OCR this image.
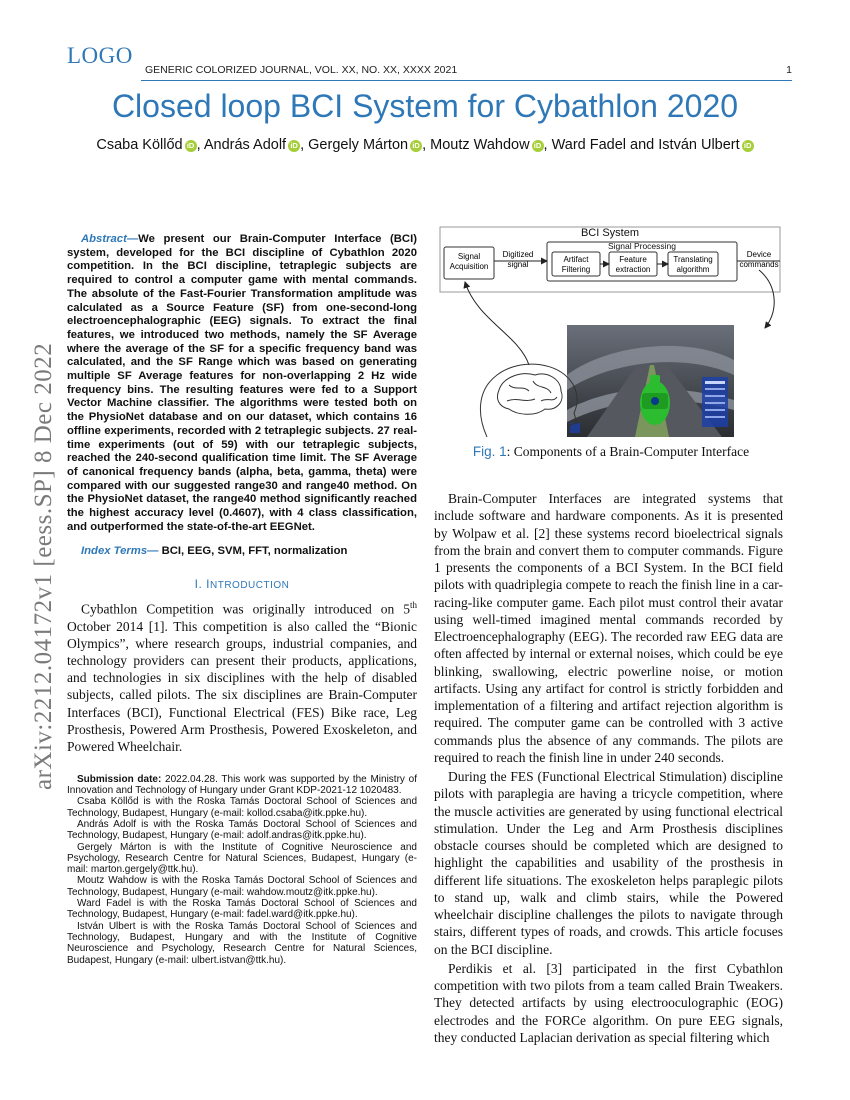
LOGO
GENERIC COLORIZED JOURNAL, VOL. XX, NO. XX, XXXX 2021	1
Closed loop BCI System for Cybathlon 2020
Csaba Köllőd iD , András Adolf iD , Gergely Márton iD , Moutz Wahdow iD , Ward Fadel and István Ulbert iD
arXiv:2212.04172v1 [eess.SP] 8 Dec 2022

Abstract—We present our Brain-Computer Interface (BCI) system, developed for the BCI discipline of Cybathlon 2020 competition. In the BCI discipline, tetraplegic subjects are required to control a computer game with mental commands. The absolute of the Fast-Fourier Transformation amplitude was calculated as a Source Feature (SF) from one-second-long electroencephalographic (EEG) signals. To extract the final features, we introduced two methods, namely the SF Average where the average of the SF for a specific frequency band was calculated, and the SF Range which was based on generating multiple SF Average features for non-overlapping 2 Hz wide frequency bins. The resulting features were fed to a Support Vector Machine classifier. The algorithms were tested both on the PhysioNet database and on our dataset, which contains 16 offline experiments, recorded with 2 tetraplegic subjects. 27 real-time experiments (out of 59) with our tetraplegic subjects, reached the 240-second qualification time limit. The SF Average of canonical frequency bands (alpha, beta, gamma, theta) were compared with our suggested range30 and range40 method. On the PhysioNet dataset, the range40 method significantly reached the highest accuracy level (0.4607), with 4 class classification, and outperformed the state-of-the-art EEGNet.

Index Terms— BCI, EEG, SVM, FFT, normalization

I. INTRODUCTION

Cybathlon Competition was originally introduced on 5th October 2014 [1]. This competition is also called the “Bionic Olympics”, where research groups, industrial companies, and technology providers can present their products, applications, and technologies in six disciplines with the help of disabled subjects, called pilots. The six disciplines are Brain-Computer Interfaces (BCI), Functional Electrical (FES) Bike race, Leg Prosthesis, Powered Arm Prosthesis, Powered Exoskeleton, and Powered Wheelchair.

Submission date: 2022.04.28. This work was supported by the Ministry of Innovation and Technology of Hungary under Grant KDP-2021-12 1020483.

Csaba Köllőd is with the Roska Tamás Doctoral School of Sciences and Technology, Budapest, Hungary (e-mail: kollod.csaba@itk.ppke.hu).

András Adolf is with the Roska Tamás Doctoral School of Sciences and Technology, Budapest, Hungary (e-mail: adolf.andras@itk.ppke.hu).

Gergely Márton is with the Institute of Cognitive Neuroscience and Psychology, Research Centre for Natural Sciences, Budapest, Hungary (e-mail: marton.gergely@ttk.hu).

Moutz Wahdow is with the Roska Tamás Doctoral School of Sciences and Technology, Budapest, Hungary (e-mail: wahdow.moutz@itk.ppke.hu).

Ward Fadel is with the Roska Tamás Doctoral School of Sciences and Technology, Budapest, Hungary (e-mail: fadel.ward@itk.ppke.hu).

István Ulbert is with the Roska Tamás Doctoral School of Sciences and Technology, Budapest, Hungary and with the Institute of Cognitive Neuroscience and Psychology, Research Centre for Natural Sciences, Budapest, Hungary (e-mail: ulbert.istvan@ttk.hu).

BCI System
Signal Processing
Signal
Acquisition
Digitized
signal
Artifact
Filtering
Feature
extraction
Translating
algorithm
Device
commands
Fig. 1: Components of a Brain-Computer Interface

Brain-Computer Interfaces are integrated systems that include software and hardware components. As it is presented by Wolpaw et al. [2] these systems record bioelectrical signals from the brain and convert them to computer commands. Figure 1 presents the components of a BCI System. In the BCI field pilots with quadriplegia compete to reach the finish line in a car-racing-like computer game. Each pilot must control their avatar using well-timed imagined mental commands recorded by Electroencephalography (EEG). The recorded raw EEG data are often affected by internal or external noises, which could be eye blinking, swallowing, electric powerline noise, or motion artifacts. Using any artifact for control is strictly forbidden and implementation of a filtering and artifact rejection algorithm is required. The computer game can be controlled with 3 active commands plus the absence of any commands. The pilots are required to reach the finish line in under 240 seconds.

During the FES (Functional Electrical Stimulation) discipline pilots with paraplegia are having a tricycle competition, where the muscle activities are generated by using functional electrical stimulation. Under the Leg and Arm Prosthesis disciplines obstacle courses should be completed which are designed to highlight the capabilities and usability of the prosthesis in different life situations. The exoskeleton helps paraplegic pilots to stand up, walk and climb stairs, while the Powered wheelchair discipline challenges the pilots to navigate through stairs, different types of roads, and crowds. This article focuses on the BCI discipline.

Perdikis et al. [3] participated in the first Cybathlon competition with two pilots from a team called Brain Tweakers. They detected artifacts by using electrooculographic (EOG) electrodes and the FORCe algorithm. On pure EEG signals, they conducted Laplacian derivation as special filtering which
